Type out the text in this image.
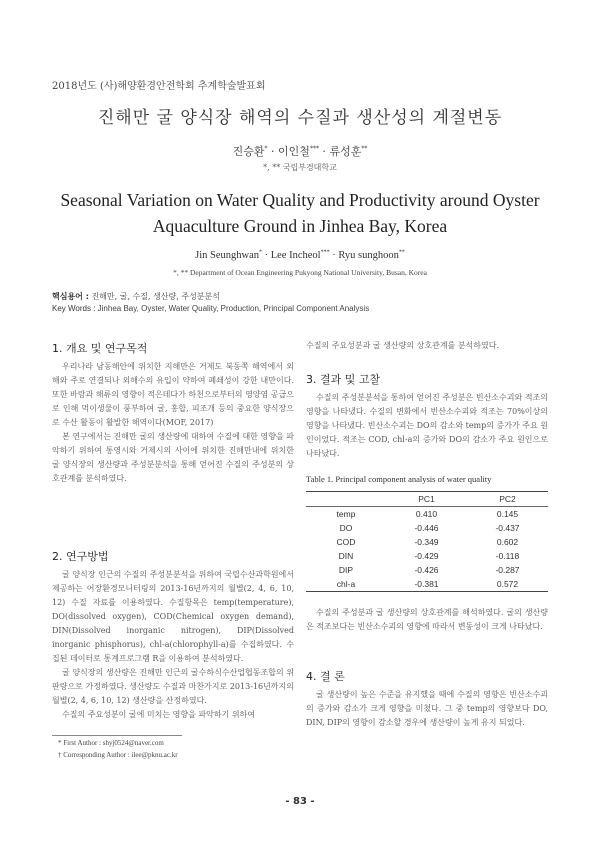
2018년도 (사)해양환경안전학회 추계학술발표회
진해만 굴 양식장 해역의 수질과 생산성의 계절변동
진승환* · 이인철*** · 류성훈**
*, ** 국립부경대학교
Seasonal Variation on Water Quality and Productivity around Oyster Aquaculture Ground in Jinhea Bay, Korea
Jin Seunghwan* · Lee Incheol*** · Ryu sunghoon**
*, ** Department of Ocean Engineering Pukyong National University, Busan, Korea
핵심용어 : 진해만, 굴, 수질, 생산량, 주성분분석
Key Words : Jinhea Bay, Oyster, Water Quality, Production, Principal Component Analysis
1. 개요 및 연구목적

우리나라 남동해안에 위치한 지해만은 거제도 북동쪽 해역에서 외해와 주로 연결되나 외해수의 유입이 약하여 폐쇄성이 강한 내만이다. 또한 바람과 해류의 영향이 적은데다가 하천으로부터의 영양염 공급으로 인해 먹이생물이 풍부하여 굴, 홍합, 피조개 등의 중요한 양식장으로 수산 활동이 활발한 해역이다(MOF, 2017)

본 연구에서는 진해만 굴의 생산량에 대하여 수질에 대한 영향을 파악하기 위하여 통영시와 거제시의 사이에 위치한 진해만내에 위치한 굴 양식장의 생산량과 주성분분석을 통해 얻어진 수질의 주성분의 상호관계를 분석하였다.

2. 연구방법

굴 양식장 인근의 수질의 주성분분석을 위하여 국립수산과학원에서 제공하는 어장환경모니터링의 2013-16년까지의 월별(2, 4, 6, 10, 12) 수질 자료를 이용하였다. 수질항목은 temp(temperature), DO(dissolved oxygen), COD(Chemical oxygen demand), DIN(Dissolved inorganic nitrogen), DIP(Dissolved inorganic phisphorus), chl-a(chlorophyll-a)를 수집하였다. 수집된 데이터로 통계프로그램 R을 이용하여 분석하였다.

굴 양식장의 생산량은 진해만 인근의 굴수하식수산업협동조합의 위판량으로 가정하였다. 생산량도 수질과 마찬가지로 2013-16년까지의 월별(2, 4, 6, 10, 12) 생산량을 산정하였다.

수질의 주요성분이 굴에 미치는 영향을 파악하기 위하여

* First Author : shyj0524@naver.com
† Corresponding Author : ilee@pknu.ac.kr

수질의 주요성분과 굴 생산량의 상호관계를 분석하였다.

3. 결과 및 고찰

수질의 주성분분석을 통하여 얻어진 주성분은 빈산소수괴와 적조의 영향을 나타냈다. 수질의 변화에서 빈산소수괴와 적조는 70%이상의 영향을 나타냈다. 빈산소수괴는 DO의 감소와 temp의 증가가 주요 원인이었다. 적조는 COD, chl-a의 증가와 DO의 감소가 주요 원인으로 나타났다.

Table 1. Principal component analysis of water quality
	PC1	PC2
temp	0.410	0.145
DO	-0.446	-0.437
COD	-0.349	0.602
DIN	-0.429	-0.118
DIP	-0.426	-0.287
chl-a	-0.381	0.572

수질의 주성분과 굴 생산량의 상호관계를 해석하였다. 굴의 생산량은 적조보다는 빈산소수괴의 영향에 따라서 변동성이 크게 나타났다.

4. 결 론

굴 생산량이 높은 수준을 유지했을 때에 수질의 영향은 빈산소수괴의 증가와 감소가 크게 영향을 미쳤다. 그 중 temp의 영향보다 DO, DIN, DIP의 영향이 감소할 경우에 생산량이 높게 유지 되었다.

- 83 -
